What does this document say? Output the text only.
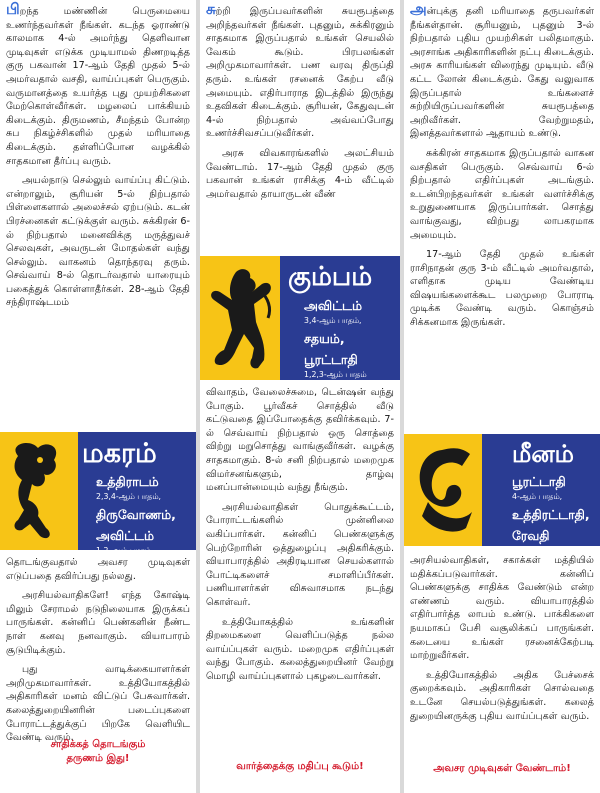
பிறந்த மண்ணின் பெருமையை உணர்ந்தவர்கள் நீங்கள். கடந்த ஓராண்டு காலமாக 4-ல் அமர்ந்து தெளிவான முடிவுகள் எடுக்க முடியாமல் திணறடித்த குரு பகவான் 17-ஆம் தேதி முதல் 5-ல் அமர்வதால் வசதி, வாய்ப்புகள் பெருகும். வருமானத்தை உயர்த்த புது முயற்சிகளை மேற்கொள்வீர்கள். மழலைப் பாக்கியம் கிடைக்கும். திருமணம், சீமந்தம் போன்ற சுப நிகழ்ச்சிகளில் முதல் மரியாதை கிடைக்கும். தள்ளிப்போன வழக்கில் சாதகமான தீர்ப்பு வரும்.

அயல்நாடு செல்லும் வாய்ப்பு கிட்டும். என்றாலும், சூரியன் 5-ல் நிற்பதால் பிள்ளைகளால் அலைச்சல் ஏற்படும். கடன் பிரச்னைகள் கட்டுக்குள் வரும். சுக்கிரன் 6-ல் நிற்பதால் மனைவிக்கு மருத்துவச் செலவுகள், அவருடன் மோதல்கள் வந்து செல்லும். வாகனம் தொந்தரவு தரும். செவ்வாய் 8-ல் தொடர்வதால் யாரையும் பகைத்துக் கொள்ளாதீர்கள். 28-ஆம் தேதி சந்திராஷ்டமம்

மகரம்
உத்திராடம்
2,3,4-ஆம் பாதம்,
திருவோணம்,
அவிட்டம்
1,2-ஆம் பாதம்

தொடங்குவதால் அவசர முடிவுகள் எடுப்பதை தவிர்ப்பது நல்லது.

அரசியல்வாதிகளே! எந்த கோஷ்டி மிலும் சேராமல் நடுநிலையாக இருக்கப் பாருங்கள். கன்னிப் பெண்களின் நீண்ட நாள் கனவு நனவாகும். வியாபாரம் சூடுபிடிக்கும்.

புது வாடிக்கையாளர்கள் அறிமுகமாவார்கள். உத்தியோகத்தில் அதிகாரிகள் மனம் விட்டுப் பேசுவார்கள். கலைத்துறையினரின் படைப்புகளை போராட்டத்துக்குப் பிறகே வெளியிட வேண்டி வரும்.

சாதிக்கத் தொடங்கும்
தருணம் இது!

சுற்றி இருப்பவர்களின் சுயரூபத்தை அறிந்தவர்கள் நீங்கள். புதனும், சுக்கிரனும் சாதகமாக இருப்பதால் உங்கள் செயலில் வேகம் கூடும். பிரபலங்கள் அறிமுகமாவார்கள். பண வரவு திருப்தி தரும். உங்கள் ரசனைக் கேற்ப வீடு அமையும். எதிர்பாராத இடத்தில் இருந்து உதவிகள் கிடைக்கும். சூரியன், கேதுவுடன் 4-ல் நிற்பதால் அவ்வப்போது உணர்ச்சிவசப்படுவீர்கள்.

அரசு விவகாரங்களில் அலட்சியம் வேண்டாம். 17-ஆம் தேதி முதல் குரு பகவான் உங்கள் ராசிக்கு 4-ம் வீட்டில் அமர்வதால் தாயாருடன் வீண்

கும்பம்
அவிட்டம்
3,4-ஆம் பாதம்,
சதயம்,
பூரட்டாதி
1,2,3-ஆம் பாதம்

விவாதம், வேலைச்சுமை, டென்ஷன் வந்து போகும். பூர்வீகச் சொத்தில் வீடு கட்டுவதை இப்போதைக்கு தவிர்க்கவும். 7-ல் செவ்வாய் நிற்பதால் ஒரு சொத்தை விற்று மறுசொத்து வாங்குவீர்கள். வழக்கு சாதகமாகும். 8-ல் சனி நிற்பதால் மறைமுக விமர்சனங்களும், தாழ்வு மனப்பான்மையும் வந்து நீங்கும்.

அரசியல்வாதிகள் பொதுக்கூட்டம், போராட்டங்களில் முன்னிலை வகிப்பார்கள். கன்னிப் பெண்களுக்கு பெற்றோரின் ஒத்துழைப்பு அதிகரிக்கும். வியாபாரத்தில் அதிரடியான செயல்களால் போட்டிகளைச் சமாளிப்பீர்கள். பணியாளர்கள் விசுவாசமாக நடந்து கொள்வர்.

உத்தியோகத்தில் உங்களின் திறமைகளை வெளிப்படுத்த நல்ல வாய்ப்புகள் வரும். மறைமுக எதிர்ப்புகள் வந்து போகும். கலைத்துறையினர் வேற்று மொழி வாய்ப்புகளால் புகழடைவார்கள்.

வார்த்தைக்கு மதிப்பு கூடும்!

அன்புக்கு தனி மரியாதை தருபவர்கள் நீங்கள்தான். சூரியனும், புதனும் 3-ல் நிற்பதால் புதிய முயற்சிகள் பலிதமாகும். அரசாங்க அதிகாரிகளின் நட்பு கிடைக்கும். அரசு காரியங்கள் விரைந்து முடியும். வீடு கட்ட லோன் கிடைக்கும். கேது வலுவாக இருப்பதால் உங்களைச் சுற்றியிருப்பவர்களின் சுயரூபத்தை அறிவீர்கள். வேற்றுமதம், இனத்தவர்களால் ஆதாயம் உண்டு.

சுக்கிரன் சாதகமாக இருப்பதால் வாகன வசதிகள் பெருகும். செவ்வாய் 6-ல் நிற்பதால் எதிர்ப்புகள் அடங்கும். உடன்பிறந்தவர்கள் உங்கள் வளர்ச்சிக்கு உறுதுணையாக இருப்பார்கள். சொத்து வாங்குவது, விற்பது லாபகரமாக அமையும்.

17-ஆம் தேதி முதல் உங்கள் ராசிநாதன் குரு 3-ம் வீட்டில் அமர்வதால், எளிதாக முடிய வேண்டிய விஷயங்களைக்கூட பலமுறை போராடி முடிக்க வேண்டி வரும். கொஞ்சம் சிக்கனமாக இருங்கள்.

மீனம்
பூரட்டாதி
4-ஆம் பாதம்,
உத்திரட்டாதி,
ரேவதி

அரசியல்வாதிகள், சகாக்கள் மத்தியில் மதிக்கப்படுவார்கள். கன்னிப் பெண்களுக்கு சாதிக்க வேண்டும் என்ற எண்ணம் வரும். வியாபாரத்தில் எதிர்பார்த்த லாபம் உண்டு. பாக்கிகளை நயமாகப் பேசி வசூலிக்கப் பாருங்கள். கடையை உங்கள் ரசனைக்கேற்படி மாற்றுவீர்கள்.

உத்தியோகத்தில் அதிக பேச்சைக் குறைக்கவும். அதிகாரிகள் சொல்வதை உடனே செயல்படுத்துங்கள். கலைத் துறையினருக்கு புதிய வாய்ப்புகள் வரும்.

அவசர முடிவுகள் வேண்டாம்!
